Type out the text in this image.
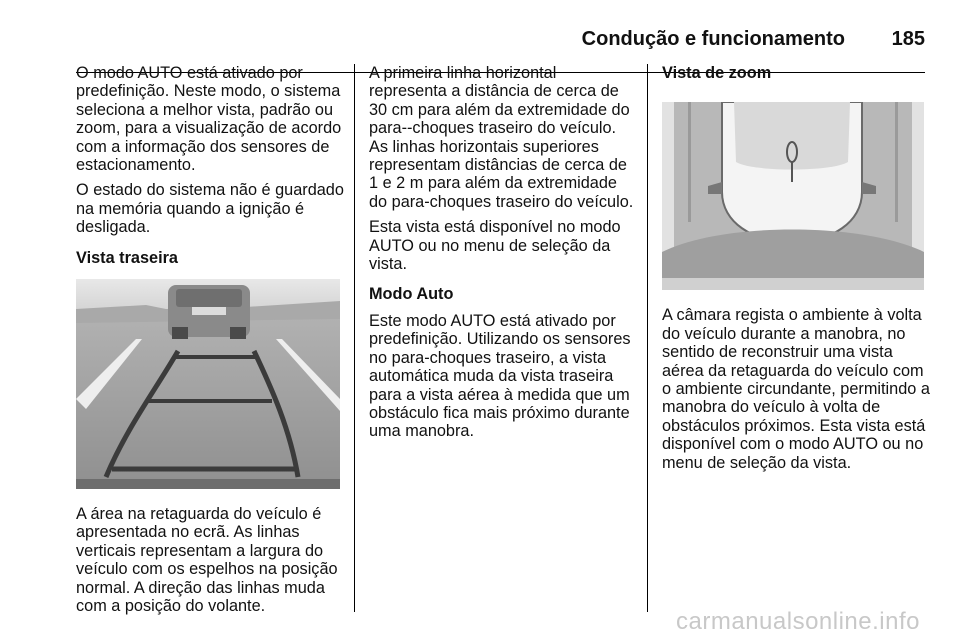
Condução e funcionamento 185

O modo AUTO está ativado por predefinição. Neste modo, o sistema seleciona a melhor vista, padrão ou zoom, para a visualização de acordo com a informação dos sensores de estacionamento.

O estado do sistema não é guardado na memória quando a ignição é desligada.

Vista traseira

A área na retaguarda do veículo é apresentada no ecrã. As linhas verticais representam a largura do veículo com os espelhos na posição normal. A direção das linhas muda com a posição do volante.

A primeira linha horizontal representa a distância de cerca de 30 cm para além da extremidade do para--choques traseiro do veículo. As linhas horizontais superiores representam distâncias de cerca de 1 e 2 m para além da extremidade do para-choques traseiro do veículo.

Esta vista está disponível no modo AUTO ou no menu de seleção da vista.

Modo Auto

Este modo AUTO está ativado por predefinição. Utilizando os sensores no para-choques traseiro, a vista automática muda da vista traseira para a vista aérea à medida que um obstáculo fica mais próximo durante uma manobra.

Vista de zoom

A câmara regista o ambiente à volta do veículo durante a manobra, no sentido de reconstruir uma vista aérea da retaguarda do veículo com o ambiente circundante, permitindo a manobra do veículo à volta de obstáculos próximos. Esta vista está disponível com o modo AUTO ou no menu de seleção da vista.

carmanualsonline.info
